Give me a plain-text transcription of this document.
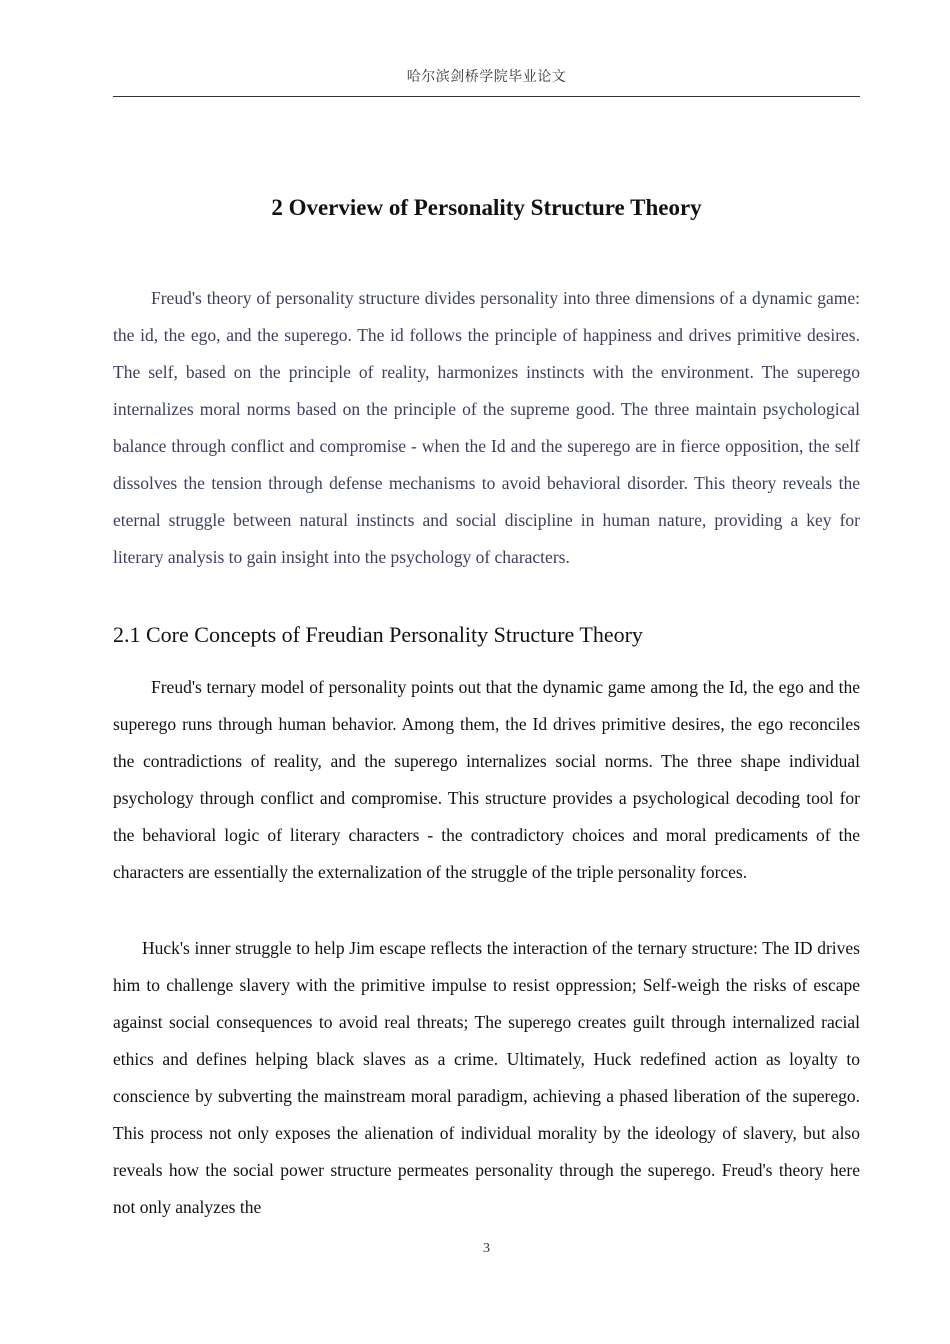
哈尔滨剑桥学院毕业论文
2 Overview of Personality Structure Theory

Freud's theory of personality structure divides personality into three dimensions of a dynamic game: the id, the ego, and the superego. The id follows the principle of happiness and drives primitive desires. The self, based on the principle of reality, harmonizes instincts with the environment. The superego internalizes moral norms based on the principle of the supreme good. The three maintain psychological balance through conflict and compromise - when the Id and the superego are in fierce opposition, the self dissolves the tension through defense mechanisms to avoid behavioral disorder. This theory reveals the eternal struggle between natural instincts and social discipline in human nature, providing a key for literary analysis to gain insight into the psychology of characters.

2.1 Core Concepts of Freudian Personality Structure Theory

Freud's ternary model of personality points out that the dynamic game among the Id, the ego and the superego runs through human behavior. Among them, the Id drives primitive desires, the ego reconciles the contradictions of reality, and the superego internalizes social norms. The three shape individual psychology through conflict and compromise. This structure provides a psychological decoding tool for the behavioral logic of literary characters - the contradictory choices and moral predicaments of the characters are essentially the externalization of the struggle of the triple personality forces.

Huck's inner struggle to help Jim escape reflects the interaction of the ternary structure: The ID drives him to challenge slavery with the primitive impulse to resist oppression; Self-weigh the risks of escape against social consequences to avoid real threats; The superego creates guilt through internalized racial ethics and defines helping black slaves as a crime. Ultimately, Huck redefined action as loyalty to conscience by subverting the mainstream moral paradigm, achieving a phased liberation of the superego. This process not only exposes the alienation of individual morality by the ideology of slavery, but also reveals how the social power structure permeates personality through the superego. Freud's theory here not only analyzes the

3
